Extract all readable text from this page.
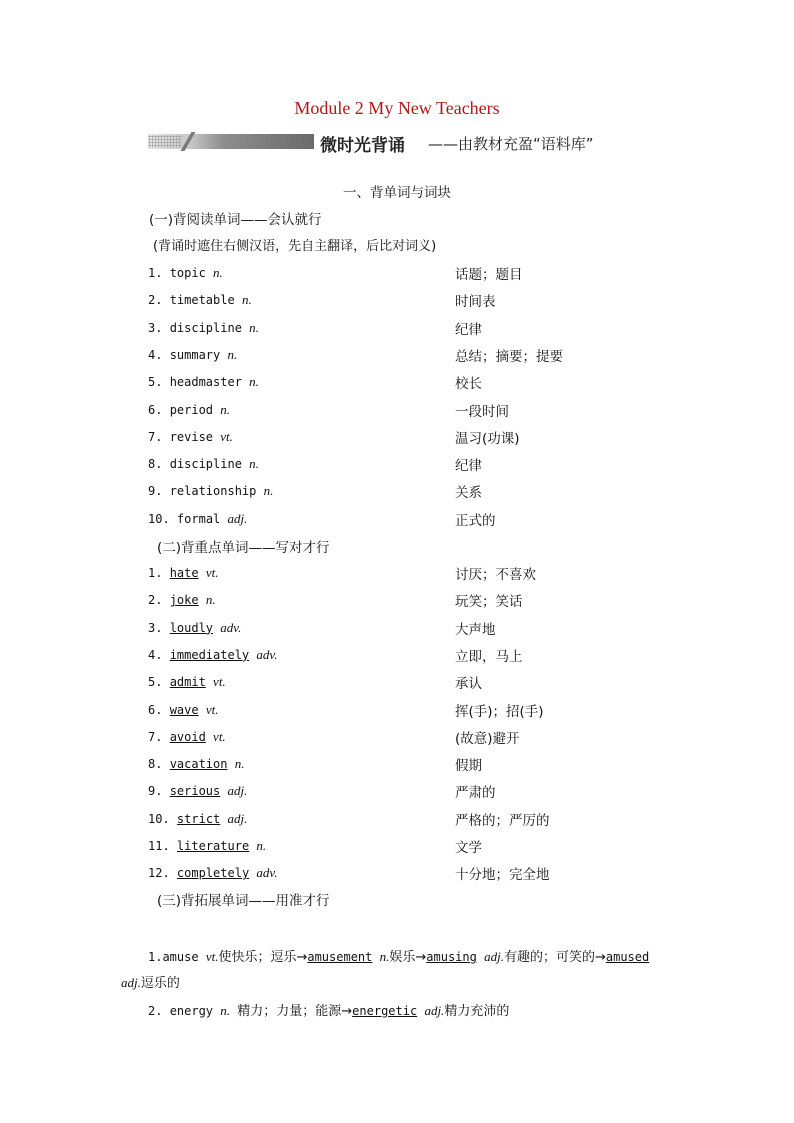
Module 2 My New Teachers
微时光背诵 ——由教材充盈“语料库”
一、背单词与词块
(一)背阅读单词——会认就行
(背诵时遮住右侧汉语，先自主翻译，后比对词义)
1. topic n.	话题；题目
2. timetable n.	时间表
3. discipline n.	纪律
4. summary n.	总结；摘要；提要
5. headmaster n.	校长
6. period n.	一段时间
7. revise vt.	温习(功课)
8. discipline n.	纪律
9. relationship n.	关系
10. formal adj.	正式的
(二)背重点单词——写对才行
1. hate vt.	讨厌；不喜欢
2. joke n.	玩笑；笑话
3. loudly adv.	大声地
4. immediately adv.	立即，马上
5. admit vt.	承认
6. wave vt.	挥(手)；招(手)
7. avoid vt.	(故意)避开
8. vacation n.	假期
9. serious adj.	严肃的
10. strict adj.	严格的；严厉的
11. literature n.	文学
12. completely adv.	十分地；完全地
(三)背拓展单词——用准才行
1.amuse vt.使快乐；逗乐→amusement n.娱乐→amusing adj.有趣的；可笑的→amused
adj.逗乐的
2. energy n. 精力；力量；能源→energetic adj.精力充沛的
